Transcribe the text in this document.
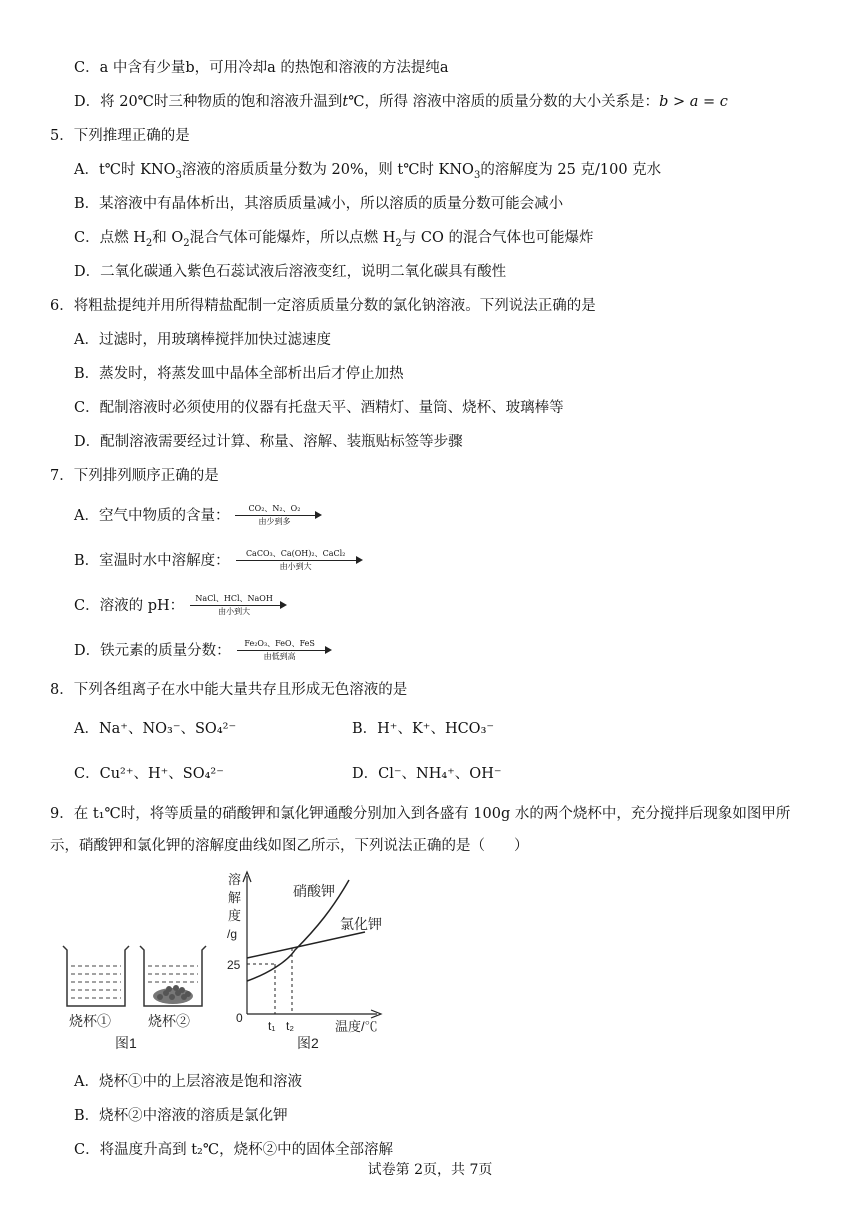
C．a 中含有少量b，可用冷却a 的热饱和溶液的方法提纯a
D．将 20℃时三种物质的饱和溶液升温到t℃，所得 溶液中溶质的质量分数的大小关系是：b > a = c
5．下列推理正确的是
A．t℃时 $KNO_3$溶液的溶质质量分数为 20%，则 t℃时 $KNO_3$的溶解度为 25 克/100 克水
B．某溶液中有晶体析出，其溶质质量减小，所以溶质的质量分数可能会减小
C．点燃 $H_2$和 $O_2$混合气体可能爆炸，所以点燃 $H_2$与 CO 的混合气体也可能爆炸
D．二氧化碳通入紫色石蕊试液后溶液变红，说明二氧化碳具有酸性
6．将粗盐提纯并用所得精盐配制一定溶质质量分数的氯化钠溶液。下列说法正确的是
A．过滤时，用玻璃棒搅拌加快过滤速度
B．蒸发时，将蒸发皿中晶体全部析出后才停止加热
C．配制溶液时必须使用的仪器有托盘天平、酒精灯、量筒、烧杯、玻璃棒等
D．配制溶液需要经过计算、称量、溶解、装瓶贴标签等步骤
7．下列排列顺序正确的是
A．空气中物质的含量：	CO₂、N₂、O₂
由少到多
B．室温时水中溶解度：	CaCO₃、Ca(OH)₂、CaCl₂
由小到大
C．溶液的 pH：	NaCl、HCl、NaOH
由小到大
D．铁元素的质量分数：	Fe₂O₃、FeO、FeS
由低到高
8．下列各组离子在水中能大量共存且形成无色溶液的是
A．Na⁺、NO₃⁻、SO₄²⁻	B．H⁺、K⁺、HCO₃⁻
C．Cu²⁺、H⁺、SO₄²⁻	D．Cl⁻、NH₄⁺、OH⁻
9．在 t₁℃时，将等质量的硝酸钾和氯化钾通酸分别加入到各盛有 100g 水的两个烧杯中，充分搅拌后现象如图甲所
示，硝酸钾和氯化钾的溶解度曲线如图乙所示，下列说法正确的是（　　）
烧杯①	烧杯②
图1
溶
解
度
/g
25
0
t₁ t₂	温度/℃
硝酸钾
氯化钾
图2
A．烧杯①中的上层溶液是饱和溶液
B．烧杯②中溶液的溶质是氯化钾
C．将温度升高到 t₂℃，烧杯②中的固体全部溶解
试卷第 2页，共 7页
